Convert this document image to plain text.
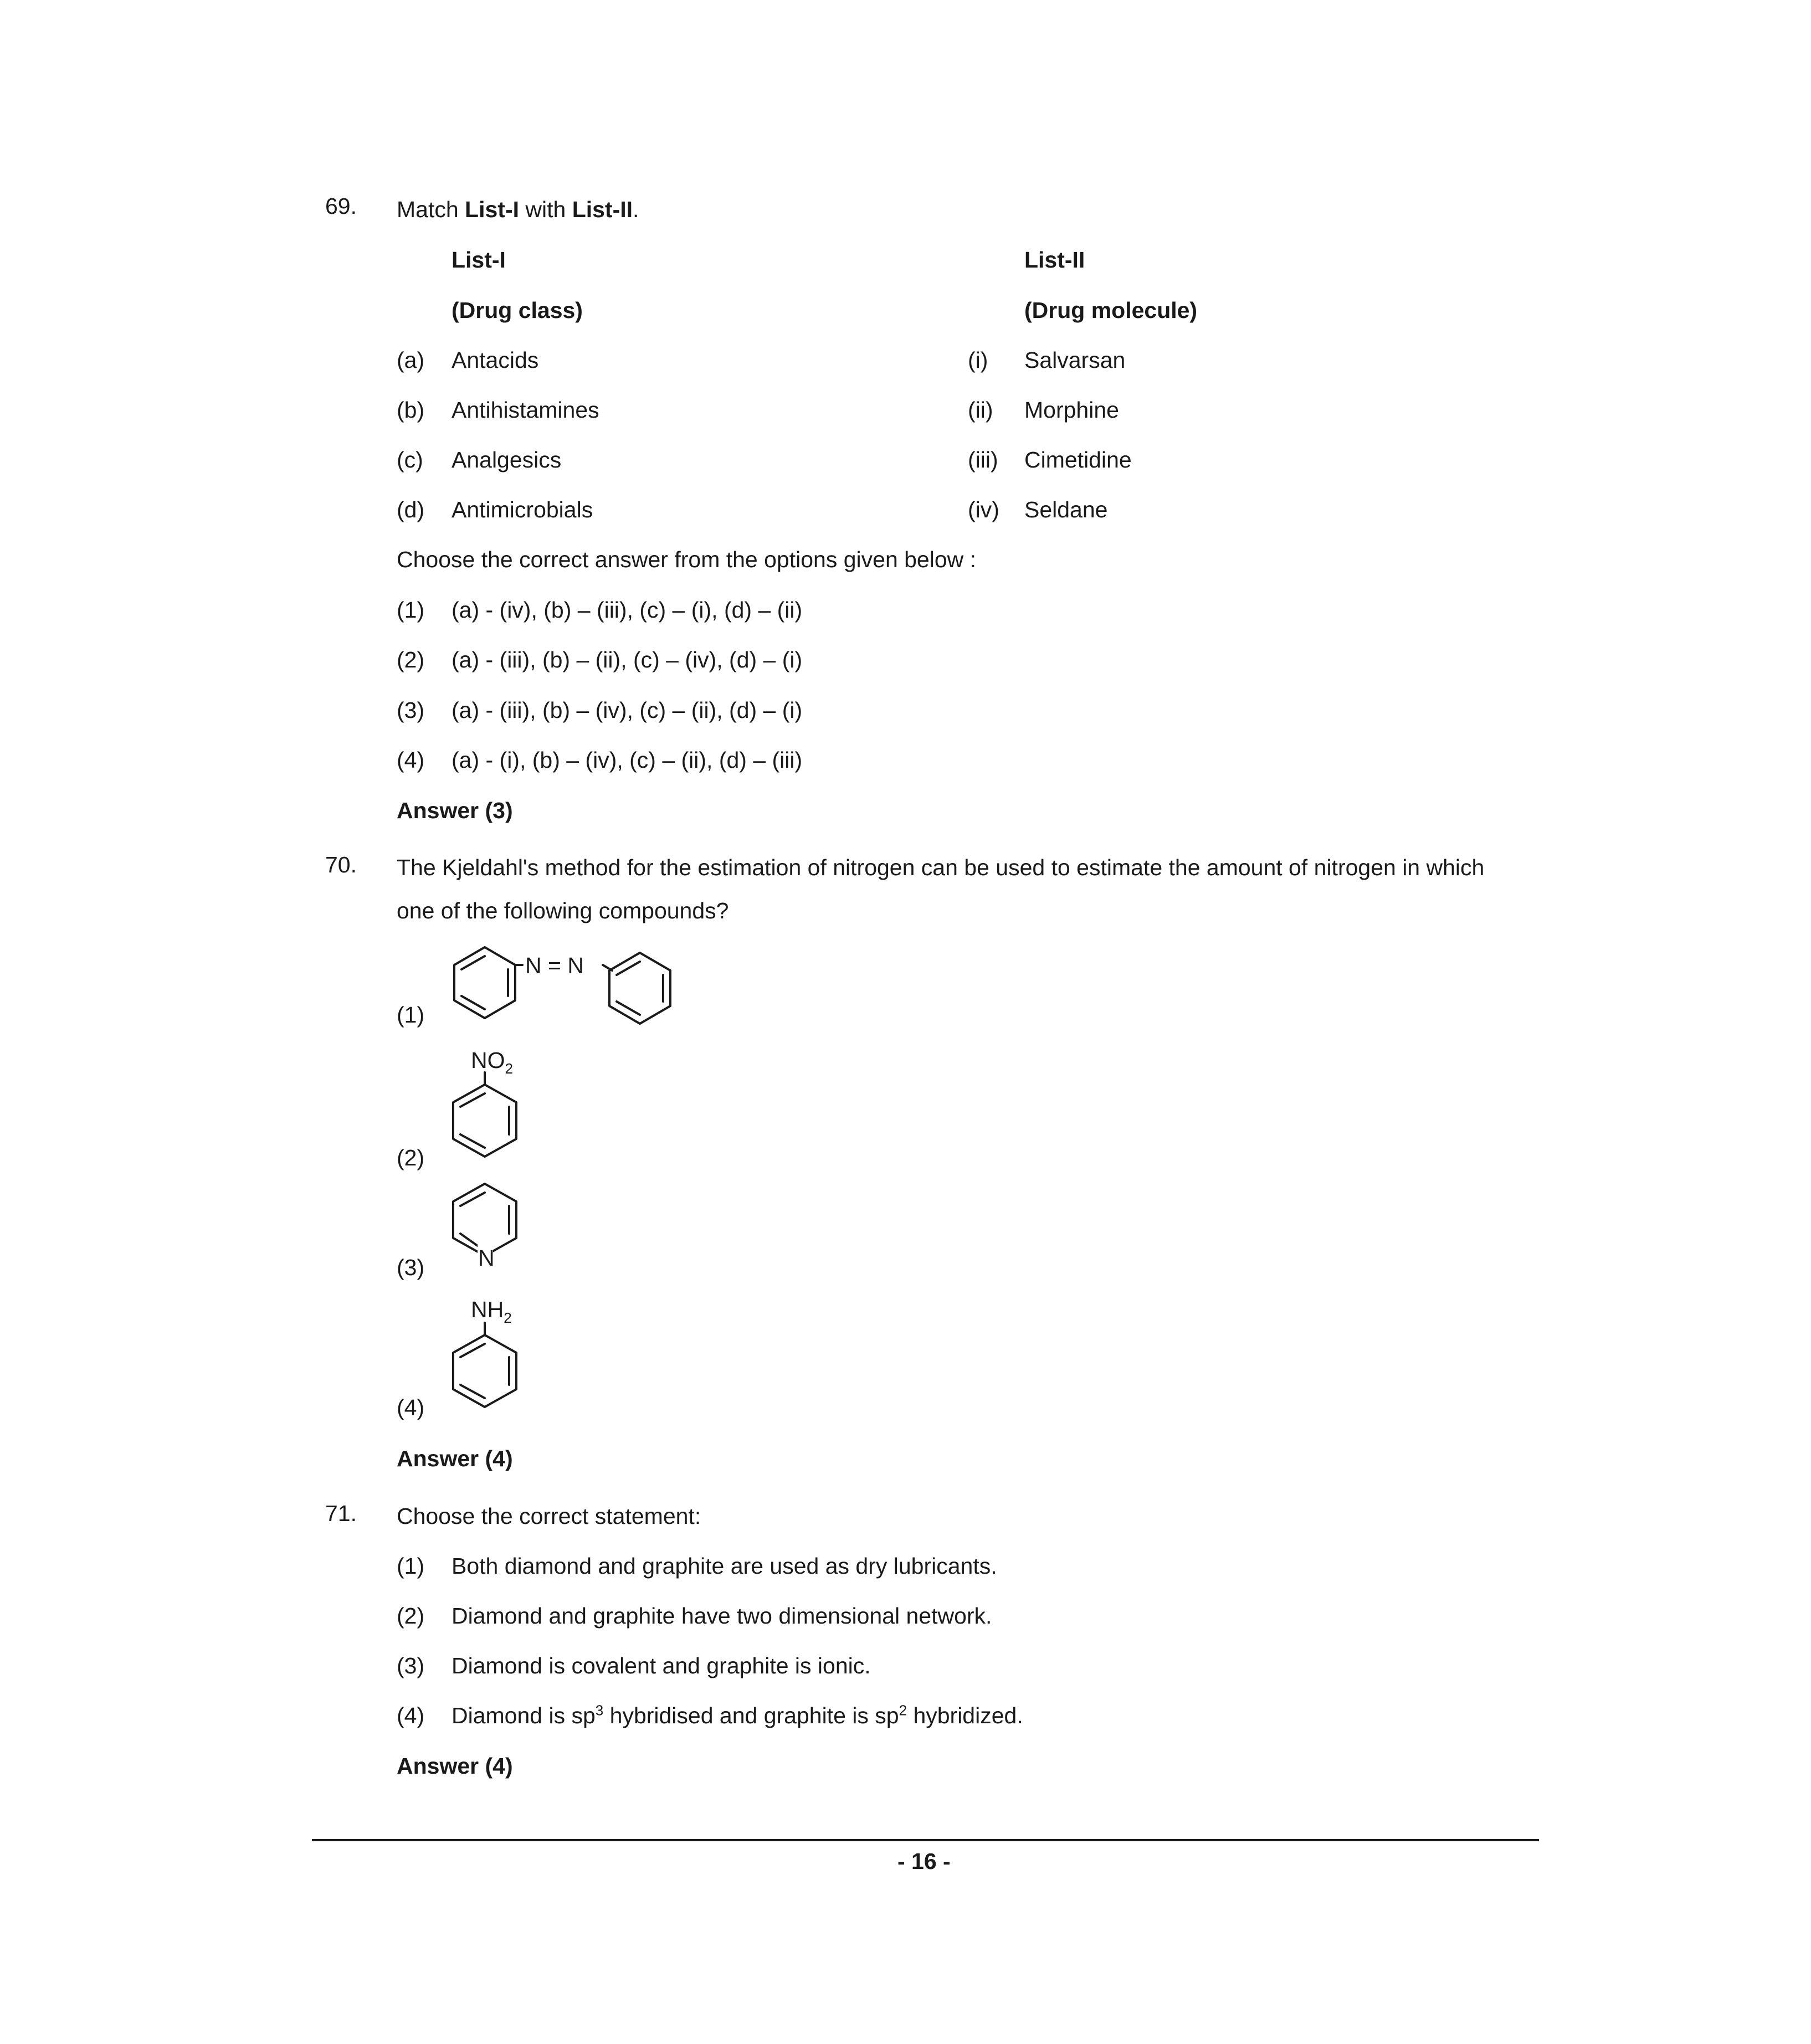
69. Match List-I with List-II.
List-I	List-II
(Drug class)	(Drug molecule)
(a) Antacids	(i) Salvarsan
(b) Antihistamines	(ii) Morphine
(c) Analgesics	(iii) Cimetidine
(d) Antimicrobials	(iv) Seldane
Choose the correct answer from the options given below :
(1) (a) - (iv), (b) – (iii), (c) – (i), (d) – (ii)
(2) (a) - (iii), (b) – (ii), (c) – (iv), (d) – (i)
(3) (a) - (iii), (b) – (iv), (c) – (ii), (d) – (i)
(4) (a) - (i), (b) – (iv), (c) – (ii), (d) – (iii)
Answer (3)
70. The Kjeldahl's method for the estimation of nitrogen can be used to estimate the amount of nitrogen in which
one of the following compounds?
(1)
N = N
(2)
$NO_2$
(3) N
(4)
$NH_2$
Answer (4)
71. Choose the correct statement:
(1) Both diamond and graphite are used as dry lubricants.
(2) Diamond and graphite have two dimensional network.
(3) Diamond is covalent and graphite is ionic.
(4) Diamond is $sp^3$ hybridised and graphite is $sp^2$ hybridized.
Answer (4)
- 16 -
